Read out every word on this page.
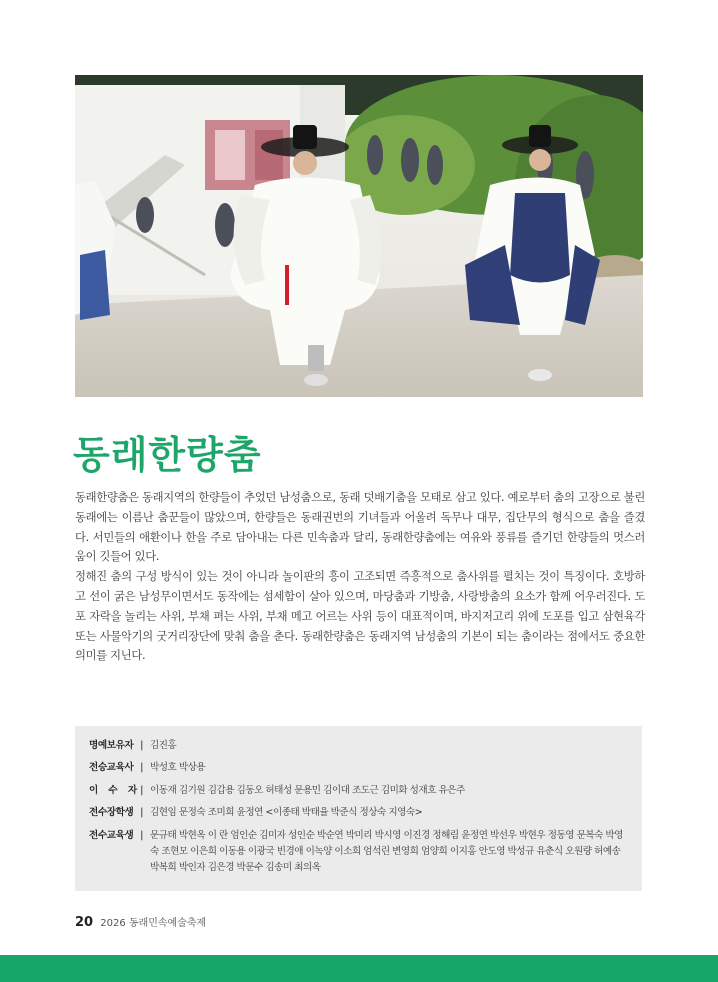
동래한량춤

동래한량춤은 동래지역의 한량들이 추었던 남성춤으로, 동래 덧배기춤을 모태로 삼고 있다. 예로부터 춤의 고장으로 불린 동래에는 이름난 춤꾼들이 많았으며, 한량들은 동래권번의 기녀들과 어울려 독무나 대무, 집단무의 형식으로 춤을 즐겼다. 서민들의 애환이나 한을 주로 담아내는 다른 민속춤과 달리, 동래한량춤에는 여유와 풍류를 즐기던 한량들의 멋스러움이 깃들어 있다.

정해진 춤의 구성 방식이 있는 것이 아니라 놀이판의 흥이 고조되면 즉흥적으로 춤사위를 펼치는 것이 특징이다. 호방하고 선이 굵은 남성무이면서도 동작에는 섬세함이 살아 있으며, 마당춤과 기방춤, 사랑방춤의 요소가 함께 어우러진다. 도포 자락을 놀리는 사위, 부채 펴는 사위, 부채 메고 어르는 사위 등이 대표적이며, 바지저고리 위에 도포를 입고 삼현육각 또는 사물악기의 굿거리장단에 맞춰 춤을 춘다. 동래한량춤은 동래지역 남성춤의 기본이 되는 춤이라는 점에서도 중요한 의미를 지닌다.

명예보유자 | 김진홍
전승교육사 | 박성호 박상용
이 수 자 | 이동재 김기원 김갑용 김동오 허태성 문용민 김이대 조도근 김미화 성재호 유은주
전수장학생 | 김현임 문정숙 조미희 윤정연 <이종태 박태율 박준식 정상숙 지영숙>
전수교육생 | 문규태 박현옥 이 란 엄인순 김미자 성인순 박순연 박미리 박시영 이진경 정해림 윤정연 박선우 박현우 정동영 문복숙 박영숙 조현모 이은희 이동용 이광국 빈경애 이녹양 이소희 엄석린 변영희 엄양희 이지홍 안도영 박성규 유춘식 오원량 허예송 박복희 박인자 김은경 박문수 김송미 최의옥
20 2026 동래민속예술축제
